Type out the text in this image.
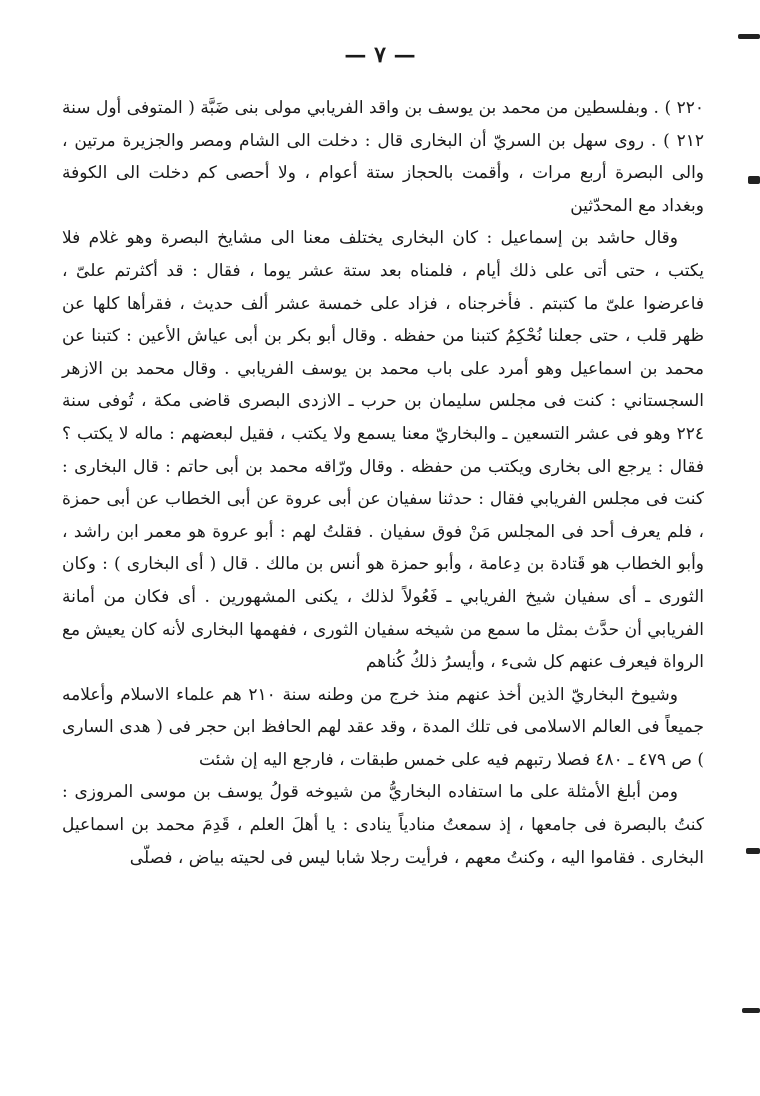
— ٧ —

٢٢٠ ) . وبفلسطين من محمد بن يوسف بن واقد الفريابي مولى بنى ضَبَّة ( المتوفى أول سنة ٢١٢ ) . روى سهل بن السريّ أن البخارى قال : دخلت الى الشام ومصر والجزيرة مرتين ، والى البصرة أربع مرات ، وأقمت بالحجاز ستة أعوام ، ولا أحصى كم دخلت الى الكوفة وبغداد مع المحدّثين

وقال حاشد بن إسماعيل : كان البخارى يختلف معنا الى مشايخ البصرة وهو غلام فلا يكتب ، حتى أتى على ذلك أيام ، فلمناه بعد ستة عشر يوما ، فقال : قد أكثرتم علىّ ، فاعرضوا علىّ ما كتبتم . فأخرجناه ، فزاد على خمسة عشر ألف حديث ، فقرأها كلها عن ظهر قلب ، حتى جعلنا نُحْكِمُ كتبنا من حفظه . وقال أبو بكر بن أبى عياش الأعين : كتبنا عن محمد بن اسماعيل وهو أمرد على باب محمد بن يوسف الفريابي . وقال محمد بن الازهر السجستاني : كنت فى مجلس سليمان بن حرب ـ الازدى البصرى قاضى مكة ، تُوفى سنة ٢٢٤ وهو فى عشر التسعين ـ والبخاريّ معنا يسمع ولا يكتب ، فقيل لبعضهم : ماله لا يكتب ؟ فقال : يرجع الى بخارى ويكتب من حفظه . وقال ورّاقه محمد بن أبى حاتم : قال البخارى : كنت فى مجلس الفريابي فقال : حدثنا سفيان عن أبى عروة عن أبى الخطاب عن أبى حمزة ، فلم يعرف أحد فى المجلس مَنْ فوق سفيان . فقلتُ لهم : أبو عروة هو معمر ابن راشد ، وأبو الخطاب هو قَتادة بن دِعامة ، وأبو حمزة هو أنس بن مالك . قال ( أى البخارى ) : وكان الثورى ـ أى سفيان شيخ الفريابي ـ فَعُولاً لذلك ، يكنى المشهورين . أى فكان من أمانة الفريابي أن حدَّث بمثل ما سمع من شيخه سفيان الثورى ، ففهمها البخارى لأنه كان يعيش مع الرواة فيعرف عنهم كل شىء ، وأيسرُ ذلكُ كُناهم

وشيوخ البخاريّ الذين أخذ عنهم منذ خرج من وطنه سنة ٢١٠ هم علماء الاسلام وأعلامه جميعاً فى العالم الاسلامى فى تلك المدة ، وقد عقد لهم الحافظ ابن حجر فى ( هدى السارى ) ص ٤٧٩ ـ ٤٨٠ فصلا رتبهم فيه على خمس طبقات ، فارجع اليه إن شئت

ومن أبلغ الأمثلة على ما استفاده البخاريُّ من شيوخه قولُ يوسف بن موسى المروزى : كنتُ بالبصرة فى جامعها ، إذ سمعتُ منادياً ينادى : يا أهلَ العلم ، قَدِمَ محمد بن اسماعيل البخارى . فقاموا اليه ، وكنتُ معهم ، فرأيت رجلا شابا ليس فى لحيته بياض ، فصلّى
